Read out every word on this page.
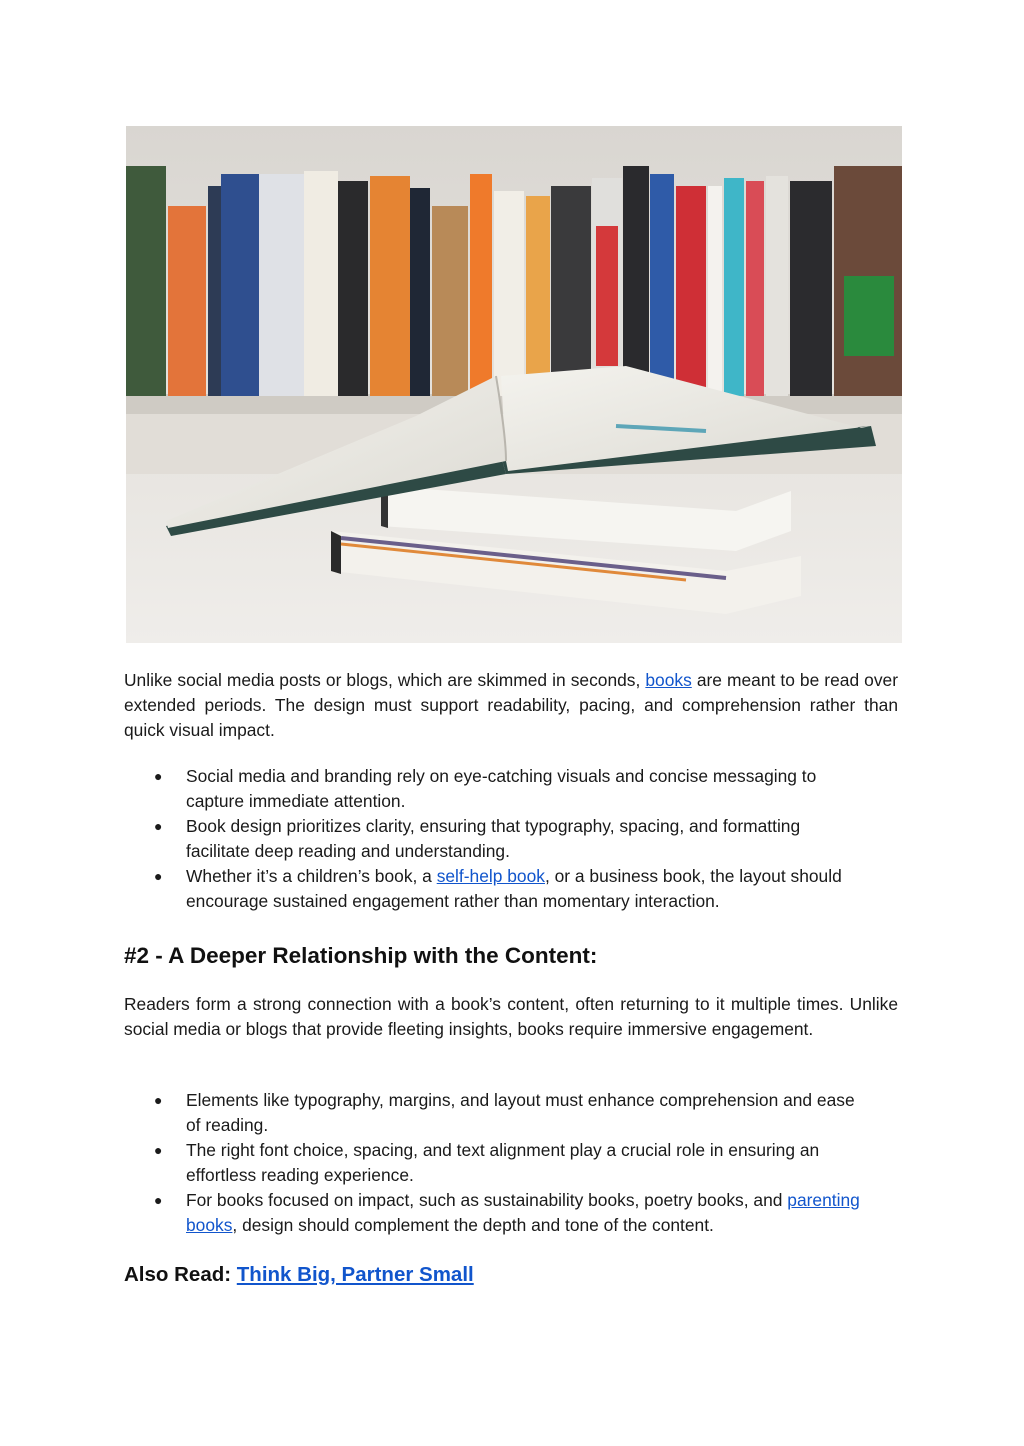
Unlike social media posts or blogs, which are skimmed in seconds, books are meant to be read over extended periods. The design must support readability, pacing, and comprehension rather than quick visual impact.

● Social media and branding rely on eye-catching visuals and concise messaging to capture immediate attention.
● Book design prioritizes clarity, ensuring that typography, spacing, and formatting facilitate deep reading and understanding.
● Whether it’s a children’s book, a self-help book, or a business book, the layout should encourage sustained engagement rather than momentary interaction.
#2 - A Deeper Relationship with the Content:

Readers form a strong connection with a book’s content, often returning to it multiple times. Unlike social media or blogs that provide fleeting insights, books require immersive engagement.

● Elements like typography, margins, and layout must enhance comprehension and ease of reading.
● The right font choice, spacing, and text alignment play a crucial role in ensuring an effortless reading experience.
● For books focused on impact, such as sustainability books, poetry books, and parenting books, design should complement the depth and tone of the content.

Also Read: Think Big, Partner Small
